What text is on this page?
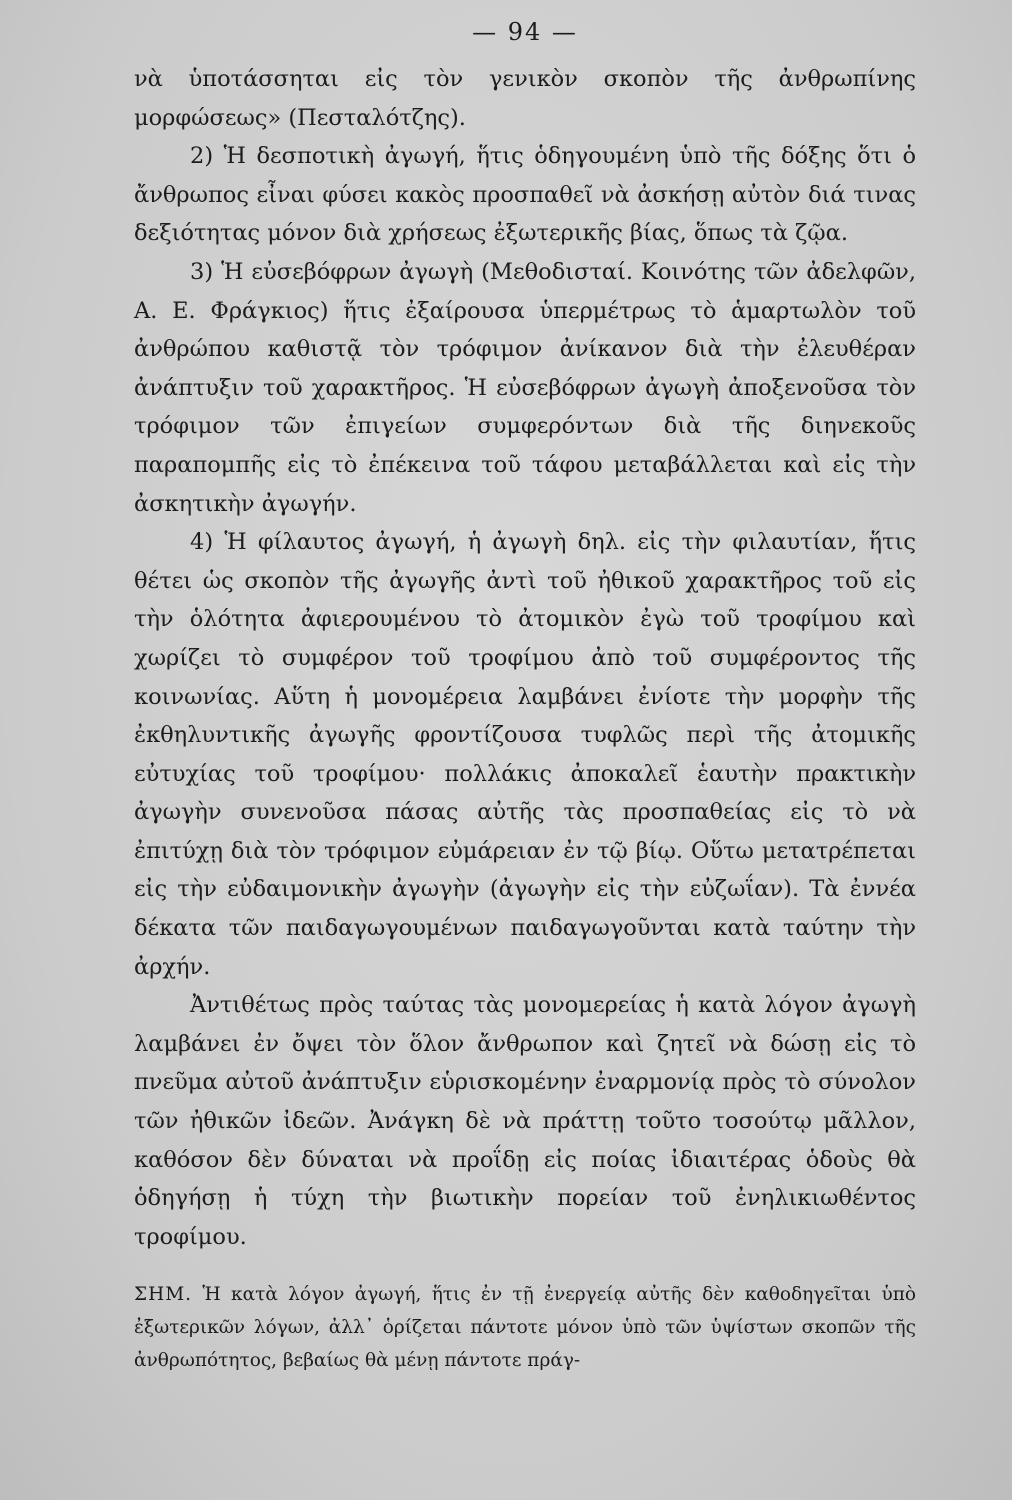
— 94 —

νὰ ὑποτάσσηται εἰς τὸν γενικὸν σκοπὸν τῆς ἀνθρωπίνης μορφώσεως» (Πεσταλότζης).

2) Ἡ δεσποτικὴ ἀγωγή, ἥτις ὁδηγουμένη ὑπὸ τῆς δόξης ὅτι ὁ ἄνθρωπος εἶναι φύσει κακὸς προσπαθεῖ νὰ ἀσκήσῃ αὐτὸν διά τινας δεξιότητας μόνον διὰ χρήσεως ἐξωτερικῆς βίας, ὅπως τὰ ζῷα.

3) Ἡ εὐσεβόφρων ἀγωγὴ (Μεθοδισταί. Κοινότης τῶν ἀδελφῶν, Α. Ε. Φράγκιος) ἥτις ἐξαίρουσα ὑπερμέτρως τὸ ἁμαρτωλὸν τοῦ ἀνθρώπου καθιστᾷ τὸν τρόφιμον ἀνίκανον διὰ τὴν ἐλευθέραν ἀνάπτυξιν τοῦ χαρακτῆρος. Ἡ εὐσεβόφρων ἀγωγὴ ἀποξενοῦσα τὸν τρόφιμον τῶν ἐπιγείων συμφερόντων διὰ τῆς διηνεκοῦς παραπομπῆς εἰς τὸ ἐπέκεινα τοῦ τάφου μεταβάλλεται καὶ εἰς τὴν ἀσκητικὴν ἀγωγήν.

4) Ἡ φίλαυτος ἀγωγή, ἡ ἀγωγὴ δηλ. εἰς τὴν φιλαυτίαν, ἥτις θέτει ὡς σκοπὸν τῆς ἀγωγῆς ἀντὶ τοῦ ἠθικοῦ χαρακτῆρος τοῦ εἰς τὴν ὁλότητα ἀφιερουμένου τὸ ἀτομικὸν ἐγὼ τοῦ τροφίμου καὶ χωρίζει τὸ συμφέρον τοῦ τροφίμου ἀπὸ τοῦ συμφέροντος τῆς κοινωνίας. Αὕτη ἡ μονομέρεια λαμβάνει ἐνίοτε τὴν μορφὴν τῆς ἐκθηλυντικῆς ἀγωγῆς φροντίζουσα τυφλῶς περὶ τῆς ἀτομικῆς εὐτυχίας τοῦ τροφίμου· πολλάκις ἀποκαλεῖ ἑαυτὴν πρακτικὴν ἀγωγὴν συνενοῦσα πάσας αὐτῆς τὰς προσπαθείας εἰς τὸ νὰ ἐπιτύχῃ διὰ τὸν τρόφιμον εὐμάρειαν ἐν τῷ βίῳ. Οὕτω μετατρέπεται εἰς τὴν εὐδαιμονικὴν ἀγωγὴν (ἀγωγὴν εἰς τὴν εὐζωΐαν). Τὰ ἐννέα δέκατα τῶν παιδαγωγουμένων παιδαγωγοῦνται κατὰ ταύτην τὴν ἀρχήν.

Ἀντιθέτως πρὸς ταύτας τὰς μονομερείας ἡ κατὰ λόγον ἀγωγὴ λαμβάνει ἐν ὄψει τὸν ὅλον ἄνθρωπον καὶ ζητεῖ νὰ δώσῃ εἰς τὸ πνεῦμα αὐτοῦ ἀνάπτυξιν εὑρισκομένην ἐναρμονίᾳ πρὸς τὸ σύνολον τῶν ἠθικῶν ἰδεῶν. Ἀνάγκη δὲ νὰ πράττῃ τοῦτο τοσούτῳ μᾶλλον, καθόσον δὲν δύναται νὰ προΐδῃ εἰς ποίας ἰδιαιτέρας ὁδοὺς θὰ ὁδηγήσῃ ἡ τύχη τὴν βιωτικὴν πορείαν τοῦ ἐνηλικιωθέντος τροφίμου.

ΣΗΜ. Ἡ κατὰ λόγον ἀγωγή, ἥτις ἐν τῇ ἐνεργείᾳ αὐτῆς δὲν καθοδηγεῖται ὑπὸ ἐξωτερικῶν λόγων, ἀλλ᾿ ὁρίζεται πάντοτε μόνον ὑπὸ τῶν ὑψίστων σκοπῶν τῆς ἀνθρωπότητος, βεβαίως θὰ μένῃ πάντοτε πράγ-
